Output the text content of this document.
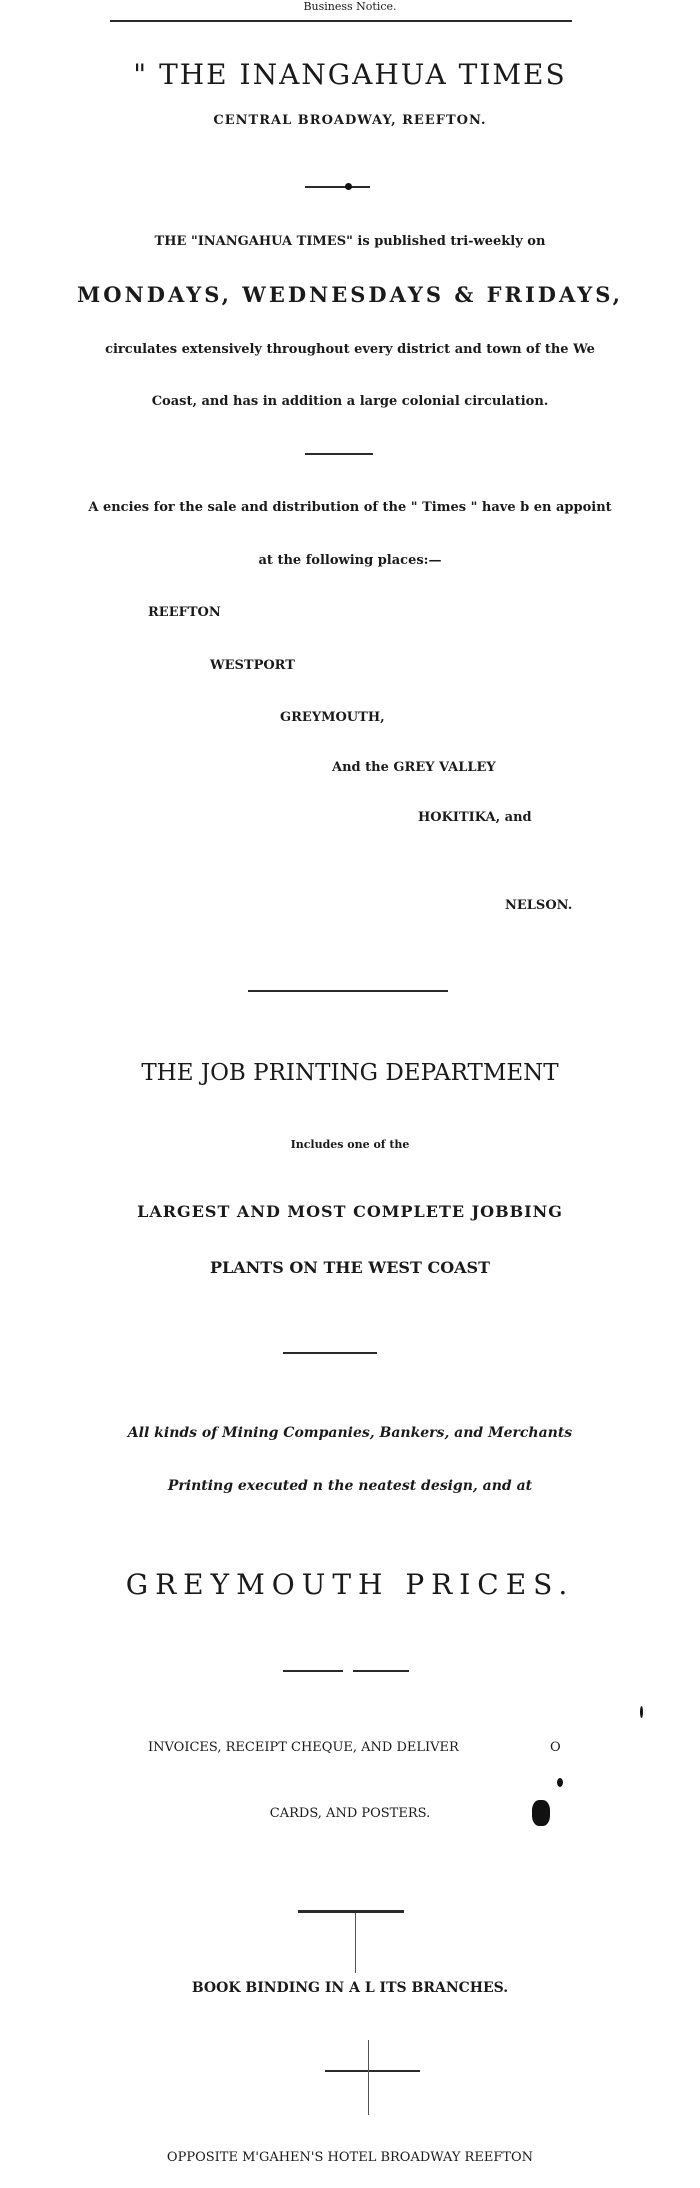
Business Notice.
" THE INANGAHUA TIMES
CENTRAL BROADWAY, REEFTON.
THE "INANGAHUA TIMES" is published tri-weekly on
MONDAYS, WEDNESDAYS & FRIDAYS,
circulates extensively throughout every district and town of the We
Coast, and has in addition a large colonial circulation.
A encies for the sale and distribution of the " Times " have b en appoint
at the following places:—
REEFTON
WESTPORT
GREYMOUTH,
And the GREY VALLEY
HOKITIKA, and
NELSON.
THE JOB PRINTING DEPARTMENT
Includes one of the
LARGEST AND MOST COMPLETE JOBBING
PLANTS ON THE WEST COAST
All kinds of Mining Companies, Bankers, and Merchants
Printing executed n the neatest design, and at
GREYMOUTH PRICES.
INVOICES, RECEIPT CHEQUE, AND DELIVER	O
CARDS, AND POSTERS.
BOOK BINDING IN A L ITS BRANCHES.
OPPOSITE M'GAHEN'S HOTEL BROADWAY REEFTON
